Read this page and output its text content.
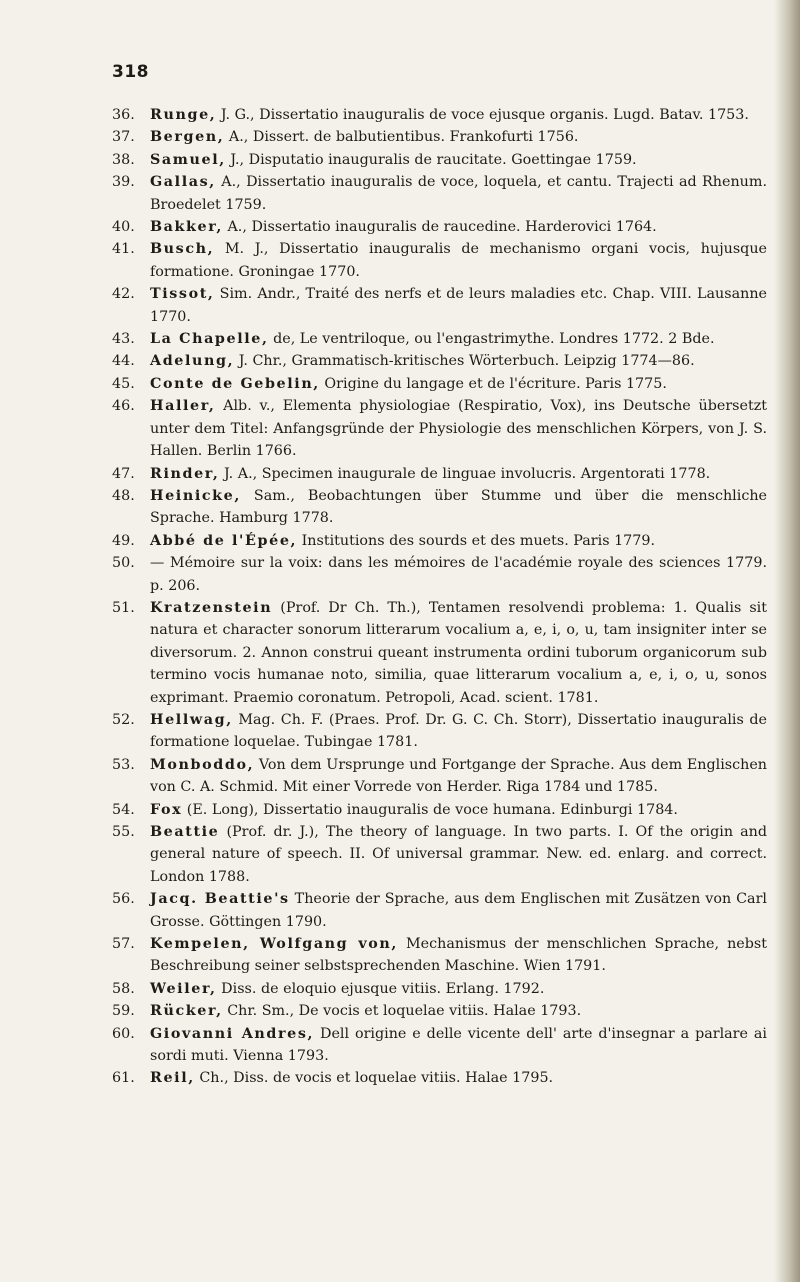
318
36. Runge, J. G., Dissertatio inauguralis de voce ejusque organis. Lugd. Batav. 1753.
37. Bergen, A., Dissert. de balbutientibus. Frankofurti 1756.
38. Samuel, J., Disputatio inauguralis de raucitate. Goettingae 1759.
39. Gallas, A., Dissertatio inauguralis de voce, loquela, et cantu. Trajecti ad Rhenum. Broedelet 1759.
40. Bakker, A., Dissertatio inauguralis de raucedine. Harderovici 1764.
41. Busch, M. J., Dissertatio inauguralis de mechanismo organi vocis, hujusque formatione. Groningae 1770.
42. Tissot, Sim. Andr., Traité des nerfs et de leurs maladies etc. Chap. VIII. Lausanne 1770.
43. La Chapelle, de, Le ventriloque, ou l'engastrimythe. Londres 1772. 2 Bde.
44. Adelung, J. Chr., Grammatisch-kritisches Wörterbuch. Leipzig 1774—86.
45. Conte de Gebelin, Origine du langage et de l'écriture. Paris 1775.
46. Haller, Alb. v., Elementa physiologiae (Respiratio, Vox), ins Deutsche übersetzt unter dem Titel: Anfangsgründe der Physiologie des menschlichen Körpers, von J. S. Hallen. Berlin 1766.
47. Rinder, J. A., Specimen inaugurale de linguae involucris. Argentorati 1778.
48. Heinicke, Sam., Beobachtungen über Stumme und über die menschliche Sprache. Hamburg 1778.
49. Abbé de l'Épée, Institutions des sourds et des muets. Paris 1779.
50. — Mémoire sur la voix: dans les mémoires de l'académie royale des sciences 1779. p. 206.
51. Kratzenstein (Prof. Dr Ch. Th.), Tentamen resolvendi problema: 1. Qualis sit natura et character sonorum litterarum vocalium a, e, i, o, u, tam insigniter inter se diversorum. 2. Annon construi queant instrumenta ordini tuborum organicorum sub termino vocis humanae noto, similia, quae litterarum vocalium a, e, i, o, u, sonos exprimant. Praemio coronatum. Petropoli, Acad. scient. 1781.
52. Hellwag, Mag. Ch. F. (Praes. Prof. Dr. G. C. Ch. Storr), Dissertatio inauguralis de formatione loquelae. Tubingae 1781.
53. Monboddo, Von dem Ursprunge und Fortgange der Sprache. Aus dem Englischen von C. A. Schmid. Mit einer Vorrede von Herder. Riga 1784 und 1785.
54. Fox (E. Long), Dissertatio inauguralis de voce humana. Edinburgi 1784.
55. Beattie (Prof. dr. J.), The theory of language. In two parts. I. Of the origin and general nature of speech. II. Of universal grammar. New. ed. enlarg. and correct. London 1788.
56. Jacq. Beattie's Theorie der Sprache, aus dem Englischen mit Zusätzen von Carl Grosse. Göttingen 1790.
57. Kempelen, Wolfgang von, Mechanismus der menschlichen Sprache, nebst Beschreibung seiner selbstsprechenden Maschine. Wien 1791.
58. Weiler, Diss. de eloquio ejusque vitiis. Erlang. 1792.
59. Rücker, Chr. Sm., De vocis et loquelae vitiis. Halae 1793.
60. Giovanni Andres, Dell origine e delle vicente dell' arte d'insegnar a parlare ai sordi muti. Vienna 1793.
61. Reil, Ch., Diss. de vocis et loquelae vitiis. Halae 1795.
